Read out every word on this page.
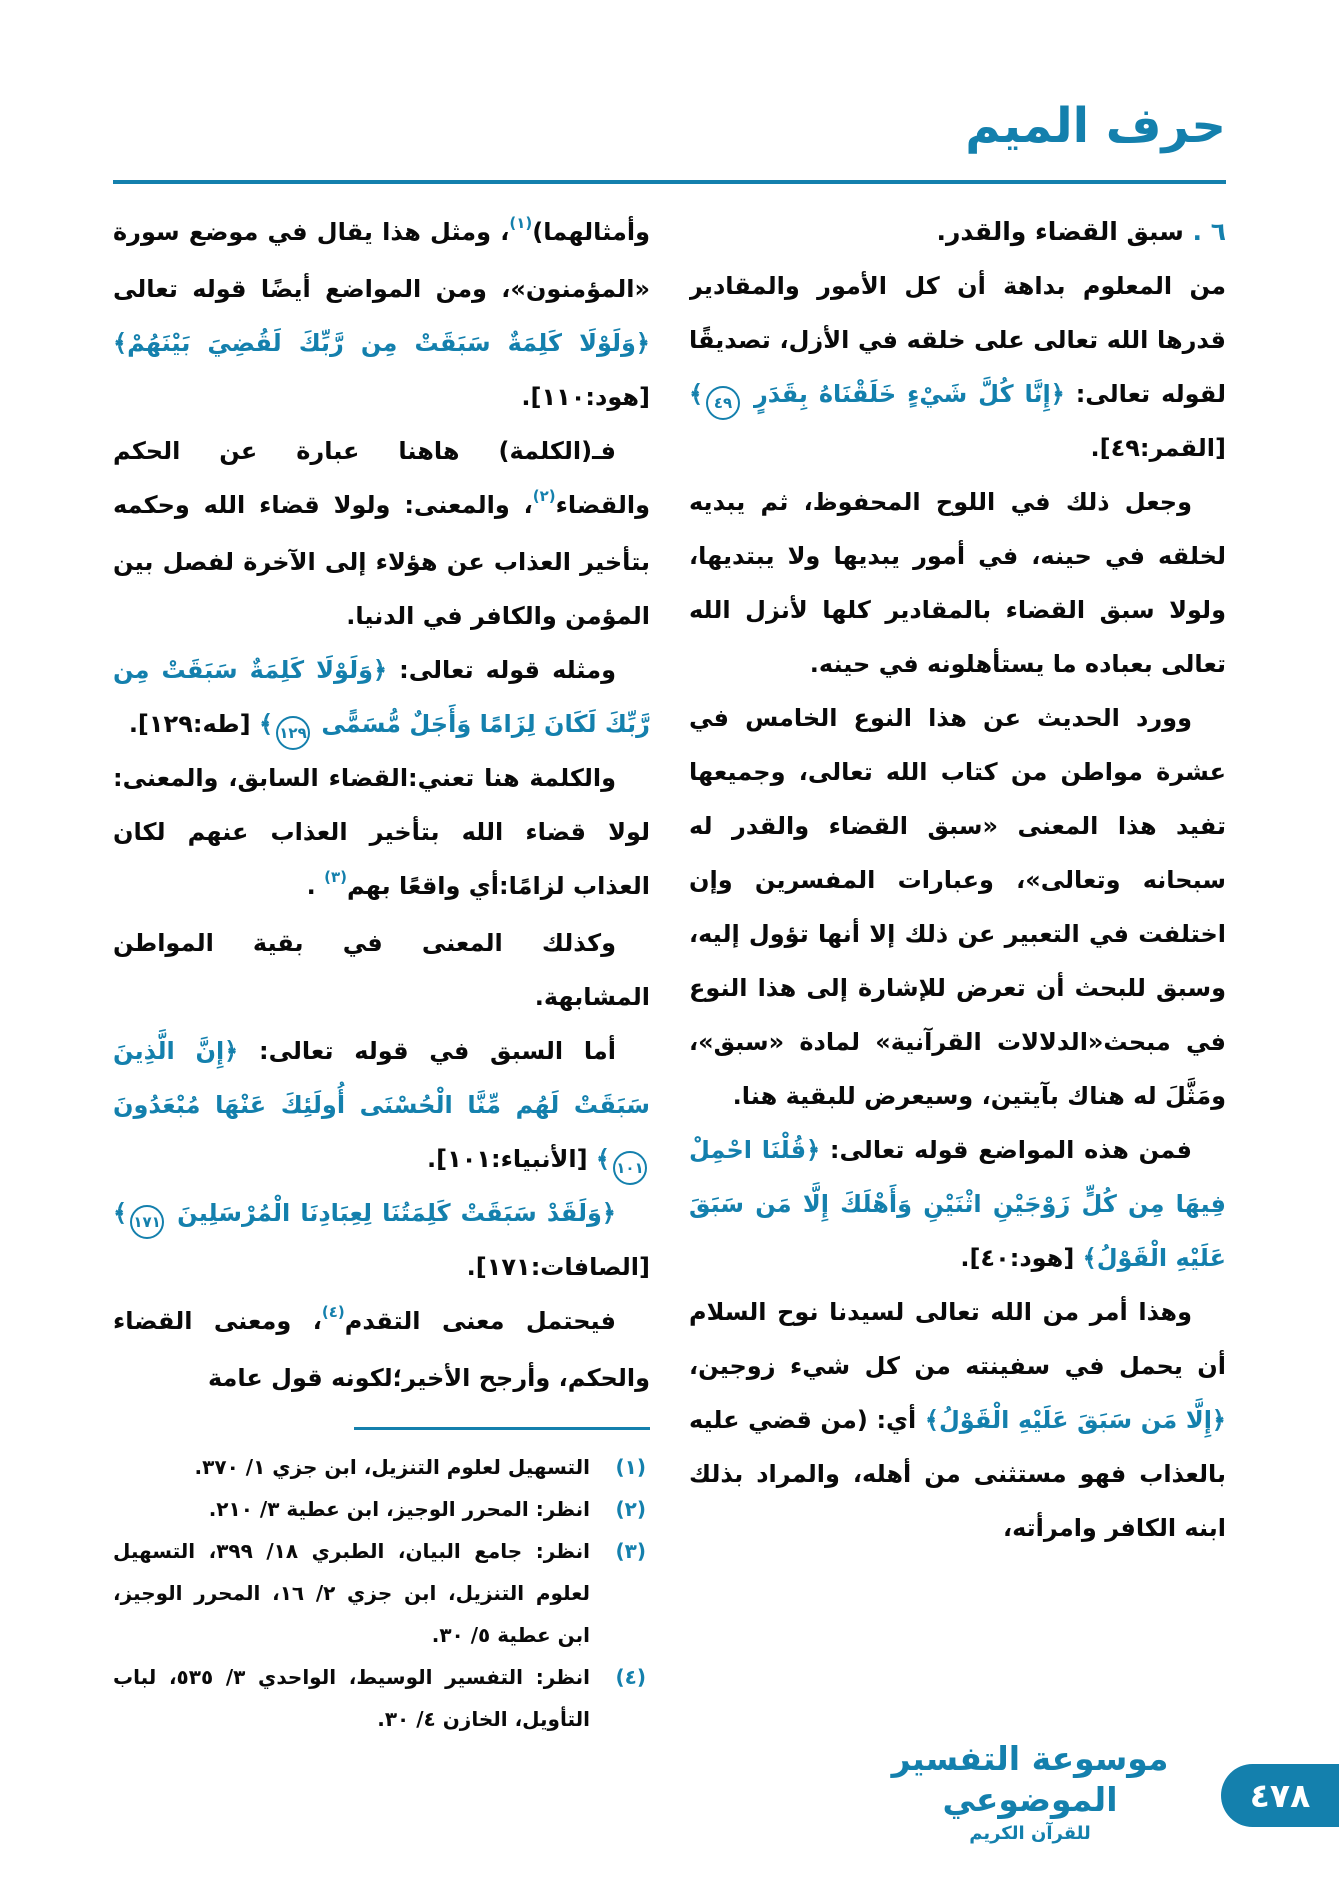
حرف الميم

٦ . سبق القضاء والقدر.

من المعلوم بداهة أن كل الأمور والمقادير قدرها الله تعالى على خلقه في الأزل، تصديقًا لقوله تعالى: ﴿إِنَّا كُلَّ شَيْءٍ خَلَقْنَاهُ بِقَدَرٍ ٤٩﴾ [القمر:٤٩].

وجعل ذلك في اللوح المحفوظ، ثم يبديه لخلقه في حينه، في أمور يبديها ولا يبتديها، ولولا سبق القضاء بالمقادير كلها لأنزل الله تعالى بعباده ما يستأهلونه في حينه.

وورد الحديث عن هذا النوع الخامس في عشرة مواطن من كتاب الله تعالى، وجميعها تفيد هذا المعنى «سبق القضاء والقدر له سبحانه وتعالى»، وعبارات المفسرين وإن اختلفت في التعبير عن ذلك إلا أنها تؤول إليه، وسبق للبحث أن تعرض للإشارة إلى هذا النوع في مبحث«الدلالات القرآنية» لمادة «سبق»، ومَثَّلَ له هناك بآيتين، وسيعرض للبقية هنا.

فمن هذه المواضع قوله تعالى: ﴿قُلْنَا احْمِلْ فِيهَا مِن كُلٍّ زَوْجَيْنِ اثْنَيْنِ وَأَهْلَكَ إِلَّا مَن سَبَقَ عَلَيْهِ الْقَوْلُ﴾ [هود:٤٠].

وهذا أمر من الله تعالى لسيدنا نوح السلام أن يحمل في سفينته من كل شيء زوجين، ﴿إِلَّا مَن سَبَقَ عَلَيْهِ الْقَوْلُ﴾ أي: (من قضي عليه بالعذاب فهو مستثنى من أهله، والمراد بذلك ابنه الكافر وامرأته،

وأمثالهما)$^{(١)}$، ومثل هذا يقال في موضع سورة «المؤمنون»، ومن المواضع أيضًا قوله تعالى ﴿وَلَوْلَا كَلِمَةٌ سَبَقَتْ مِن رَّبِّكَ لَقُضِيَ بَيْنَهُمْ﴾ [هود:١١٠].

فـ(الكلمة) هاهنا عبارة عن الحكم والقضاء$^{(٢)}$، والمعنى: ولولا قضاء الله وحكمه بتأخير العذاب عن هؤلاء إلى الآخرة لفصل بين المؤمن والكافر في الدنيا.

ومثله قوله تعالى: ﴿وَلَوْلَا كَلِمَةٌ سَبَقَتْ مِن رَّبِّكَ لَكَانَ لِزَامًا وَأَجَلٌ مُّسَمًّى ١٢٩﴾ [طه:١٢٩].

والكلمة هنا تعني:القضاء السابق، والمعنى: لولا قضاء الله بتأخير العذاب عنهم لكان العذاب لزامًا:أي واقعًا بهم$^{(٣)}$ .

وكذلك المعنى في بقية المواطن المشابهة.

أما السبق في قوله تعالى: ﴿إِنَّ الَّذِينَ سَبَقَتْ لَهُم مِّنَّا الْحُسْنَى أُولَئِكَ عَنْهَا مُبْعَدُونَ ١٠١﴾ [الأنبياء:١٠١].

﴿وَلَقَدْ سَبَقَتْ كَلِمَتُنَا لِعِبَادِنَا الْمُرْسَلِينَ ١٧١﴾ [الصافات:١٧١].

فيحتمل معنى التقدم$^{(٤)}$، ومعنى القضاء والحكم، وأرجح الأخير؛لكونه قول عامة

(١)
التسهيل لعلوم التنزيل، ابن جزي ١/ ٣٧٠.
(٢)
انظر: المحرر الوجيز، ابن عطية ٣/ ٢١٠.
(٣)
انظر: جامع البيان، الطبري ١٨/ ٣٩٩، التسهيل لعلوم التنزيل، ابن جزي ٢/ ١٦، المحرر الوجيز، ابن عطية ٥/ ٣٠.
(٤)
انظر: التفسير الوسيط، الواحدي ٣/ ٥٣٥، لباب التأويل، الخازن ٤/ ٣٠.
موسوعة التفسير الموضوعي
للقرآن الكريم
٤٧٨
